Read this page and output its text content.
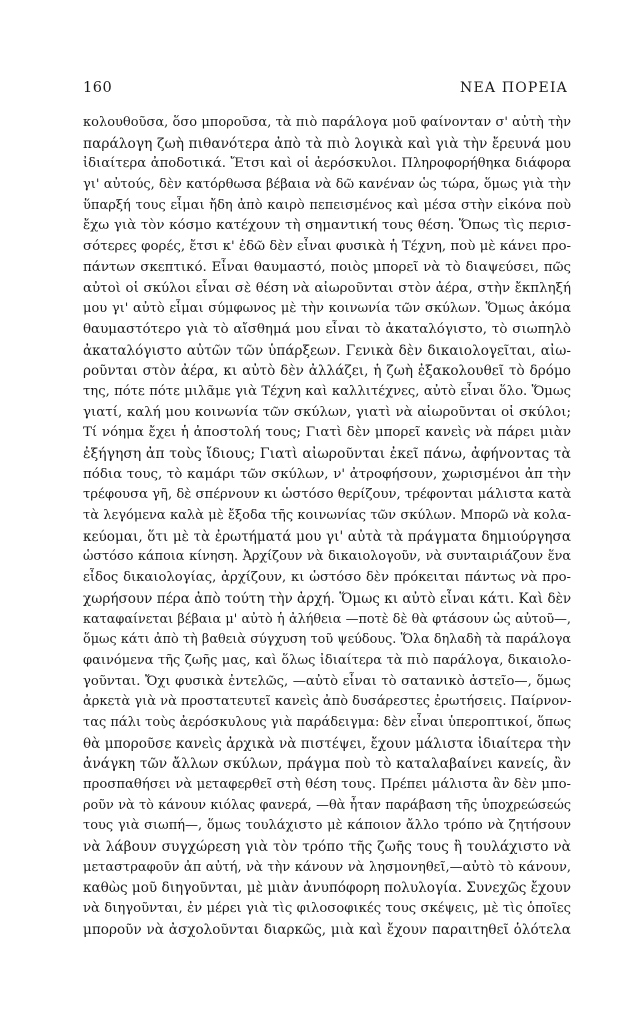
160	ΝΕΑ ΠΟΡΕΙΑ
κολουθοῦσα, ὅσο μποροῦσα, τὰ πιὸ παράλογα μοῦ φαίνονταν σ' αὐτὴ τὴν
παράλογη ζωὴ πιθανότερα ἀπὸ τὰ πιὸ λογικὰ καὶ γιὰ τὴν ἔρευνά μου
ἰδιαίτερα ἀποδοτικά. Ἔτσι καὶ οἱ ἀερόσκυλοι. Πληροφορήθηκα διάφορα
γι' αὐτούς, δὲν κατόρθωσα βέβαια νὰ δῶ κανέναν ὡς τώρα, ὅμως γιὰ τὴν
ὕπαρξή τους εἶμαι ἤδη ἀπὸ καιρὸ πεπεισμένος καὶ μέσα στὴν εἰκόνα ποὺ
ἔχω γιὰ τὸν κόσμο κατέχουν τὴ σημαντική τους θέση. Ὅπως τὶς περισ-
σότερες φορές, ἔτσι κ' ἐδῶ δὲν εἶναι φυσικὰ ἡ Τέχνη, ποὺ μὲ κάνει προ-
πάντων σκεπτικό. Εἶναι θαυμαστό, ποιὸς μπορεῖ νὰ τὸ διαψεύσει, πῶς
αὐτοὶ οἱ σκύλοι εἶναι σὲ θέση νὰ αἰωροῦνται στὸν ἀέρα, στὴν ἔκπληξή
μου γι' αὐτὸ εἶμαι σύμφωνος μὲ τὴν κοινωνία τῶν σκύλων. Ὅμως ἀκόμα
θαυμαστότερο γιὰ τὸ αἴσθημά μου εἶναι τὸ ἀκαταλόγιστο, τὸ σιωπηλὸ
ἀκαταλόγιστο αὐτῶν τῶν ὑπάρξεων. Γενικὰ δὲν δικαιολογεῖται, αἰω-
ροῦνται στὸν ἀέρα, κι αὐτὸ δὲν ἀλλάζει, ἡ ζωὴ ἐξακολουθεῖ τὸ δρόμο
της, πότε πότε μιλᾶμε γιὰ Τέχνη καὶ καλλιτέχνες, αὐτὸ εἶναι ὅλο. Ὅμως
γιατί, καλή μου κοινωνία τῶν σκύλων, γιατὶ νὰ αἰωροῦνται οἱ σκύλοι;
Τί νόημα ἔχει ἡ ἀποστολή τους; Γιατὶ δὲν μπορεῖ κανεὶς νὰ πάρει μιὰν
ἐξήγηση ἀπ τοὺς ἴδιους; Γιατὶ αἰωροῦνται ἐκεῖ πάνω, ἀφήνοντας τὰ
πόδια τους, τὸ καμάρι τῶν σκύλων, ν' ἀτροφήσουν, χωρισμένοι ἀπ τὴν
τρέφουσα γῆ, δὲ σπέρνουν κι ὡστόσο θερίζουν, τρέφονται μάλιστα κατὰ
τὰ λεγόμενα καλὰ μὲ ἔξοδα τῆς κοινωνίας τῶν σκύλων. Μπορῶ νὰ κολα-
κεύομαι, ὅτι μὲ τὰ ἐρωτήματά μου γι' αὐτὰ τὰ πράγματα δημιούργησα
ὡστόσο κάποια κίνηση. Ἀρχίζουν νὰ δικαιολογοῦν, νὰ συνταιριάζουν ἕνα
εἶδος δικαιολογίας, ἀρχίζουν, κι ὡστόσο δὲν πρόκειται πάντως νὰ προ-
χωρήσουν πέρα ἀπὸ τούτη τὴν ἀρχή. Ὅμως κι αὐτὸ εἶναι κάτι. Καὶ δὲν
καταφαίνεται βέβαια μ' αὐτὸ ἡ ἀλήθεια —ποτὲ δὲ θὰ φτάσουν ὡς αὐτοῦ—,
ὅμως κάτι ἀπὸ τὴ βαθειὰ σύγχυση τοῦ ψεύδους. Ὅλα δηλαδὴ τὰ παράλογα
φαινόμενα τῆς ζωῆς μας, καὶ ὅλως ἰδιαίτερα τὰ πιὸ παράλογα, δικαιολο-
γοῦνται. Ὄχι φυσικὰ ἐντελῶς, —αὐτὸ εἶναι τὸ σατανικὸ ἀστεῖο—, ὅμως
ἀρκετὰ γιὰ νὰ προστατευτεῖ κανεὶς ἀπὸ δυσάρεστες ἐρωτήσεις. Παίρνον-
τας πάλι τοὺς ἀερόσκυλους γιὰ παράδειγμα: δὲν εἶναι ὑπεροπτικοί, ὅπως
θὰ μποροῦσε κανεὶς ἀρχικὰ νὰ πιστέψει, ἔχουν μάλιστα ἰδιαίτερα τὴν
ἀνάγκη τῶν ἄλλων σκύλων, πράγμα ποὺ τὸ καταλαβαίνει κανείς, ἂν
προσπαθήσει νὰ μεταφερθεῖ στὴ θέση τους. Πρέπει μάλιστα ἂν δὲν μπο-
ροῦν νὰ τὸ κάνουν κιόλας φανερά, —θὰ ἦταν παράβαση τῆς ὑποχρεώσεώς
τους γιὰ σιωπή—, ὅμως τουλάχιστο μὲ κάποιον ἄλλο τρόπο νὰ ζητήσουν
νὰ λάβουν συγχώρεση γιὰ τὸν τρόπο τῆς ζωῆς τους ἢ τουλάχιστο νὰ
μεταστραφοῦν ἀπ αὐτή, νὰ τὴν κάνουν νὰ λησμονηθεῖ,—αὐτὸ τὸ κάνουν,
καθὼς μοῦ διηγοῦνται, μὲ μιὰν ἀνυπόφορη πολυλογία. Συνεχῶς ἔχουν
νὰ διηγοῦνται, ἐν μέρει γιὰ τὶς φιλοσοφικές τους σκέψεις, μὲ τὶς ὁποῖες
μποροῦν νὰ ἀσχολοῦνται διαρκῶς, μιὰ καὶ ἔχουν παραιτηθεῖ ὁλότελα
